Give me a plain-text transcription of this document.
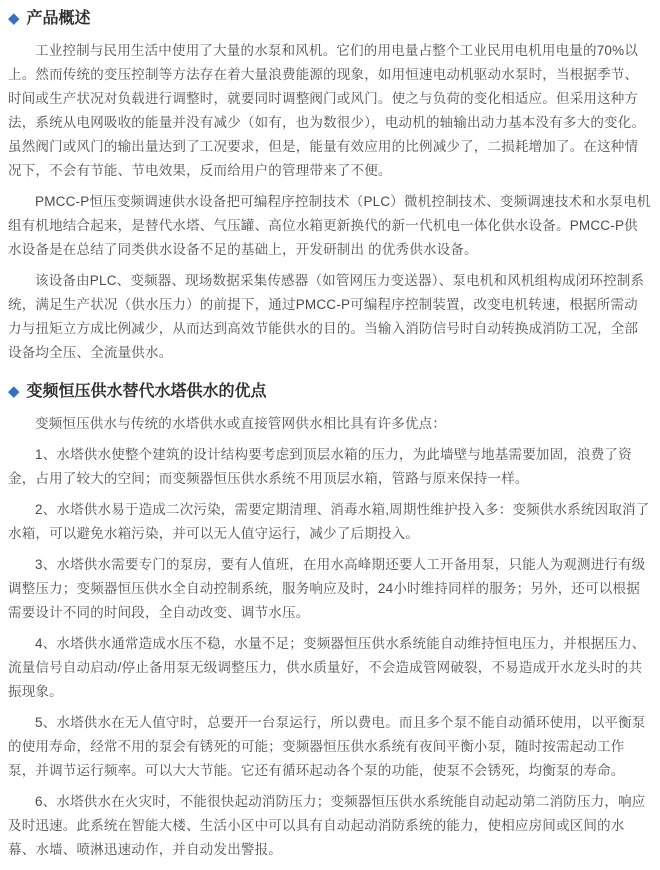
◆ 产品概述

工业控制与民用生活中使用了大量的水泵和风机。它们的用电量占整个工业民用电机用电量的70%以上。然而传统的变压控制等方法存在着大量浪费能源的现象，如用恒速电动机驱动水泵时，当根据季节、时间或生产状况对负载进行调整时，就要同时调整阀门或风门。使之与负荷的变化相适应。但采用这种方法，系统从电网吸收的能量并没有减少（如有，也为数很少），电动机的轴输出动力基本没有多大的变化。虽然阀门或风门的输出量达到了工况要求，但是，能量有效应用的比例减少了，二损耗增加了。在这种情况下，不会有节能、节电效果，反而给用户的管理带来了不便。

PMCC-P恒压变频调速供水设备把可编程序控制技术（PLC）微机控制技术、变频调速技术和水泵电机组有机地结合起来，是替代水塔、气压罐、高位水箱更新换代的新一代机电一体化供水设备。PMCC-P供水设备是在总结了同类供水设备不足的基础上，开发研制出 的优秀供水设备。

该设备由PLC、变频器、现场数据采集传感器（如管网压力变送器）、泵电机和风机组构成闭环控制系统，满足生产状况（供水压力）的前提下，通过PMCC-P可编程序控制装置，改变电机转速，根据所需动力与扭矩立方成比例减少，从而达到高效节能供水的目的。当输入消防信号时自动转换成消防工况，全部设备均全压、全流量供水。

◆ 变频恒压供水替代水塔供水的优点

变频恒压供水与传统的水塔供水或直接管网供水相比具有许多优点：

1、水塔供水使整个建筑的设计结构要考虑到顶层水箱的压力，为此墙壁与地基需要加固，浪费了资金，占用了较大的空间；而变频器恒压供水系统不用顶层水箱，管路与原来保持一样。

2、水塔供水易于造成二次污染，需要定期清理、消毒水箱,周期性维护投入多：变频供水系统因取消了水箱，可以避免水箱污染，并可以无人值守运行，减少了后期投入。

3、水塔供水需要专门的泵房，要有人值班，在用水高峰期还要人工开备用泵，只能人为观测进行有级调整压力；变频器恒压供水全自动控制系统，服务响应及时，24小时维持同样的服务；另外，还可以根据需要设计不同的时间段，全自动改变、调节水压。

4、水塔供水通常造成水压不稳，水量不足；变频器恒压供水系统能自动维持恒电压力，并根据压力、流量信号自动启动/停止备用泵无级调整压力，供水质量好，不会造成管网破裂，不易造成开水龙头时的共振现象。

5、水塔供水在无人值守时，总要开一台泵运行，所以费电。而且多个泵不能自动循环使用，以平衡泵的使用寿命，经常不用的泵会有锈死的可能；变频器恒压供水系统有夜间平衡小泵，随时按需起动工作泵，并调节运行频率。可以大大节能。它还有循环起动各个泵的功能，使泵不会锈死，均衡泵的寿命。

6、水塔供水在火灾时，不能很快起动消防压力；变频器恒压供水系统能自动起动第二消防压力，响应及时迅速。此系统在智能大楼、生活小区中可以具有自动起动消防系统的能力，使相应房间或区间的水幕、水墙、喷淋迅速动作，并自动发出警报。
